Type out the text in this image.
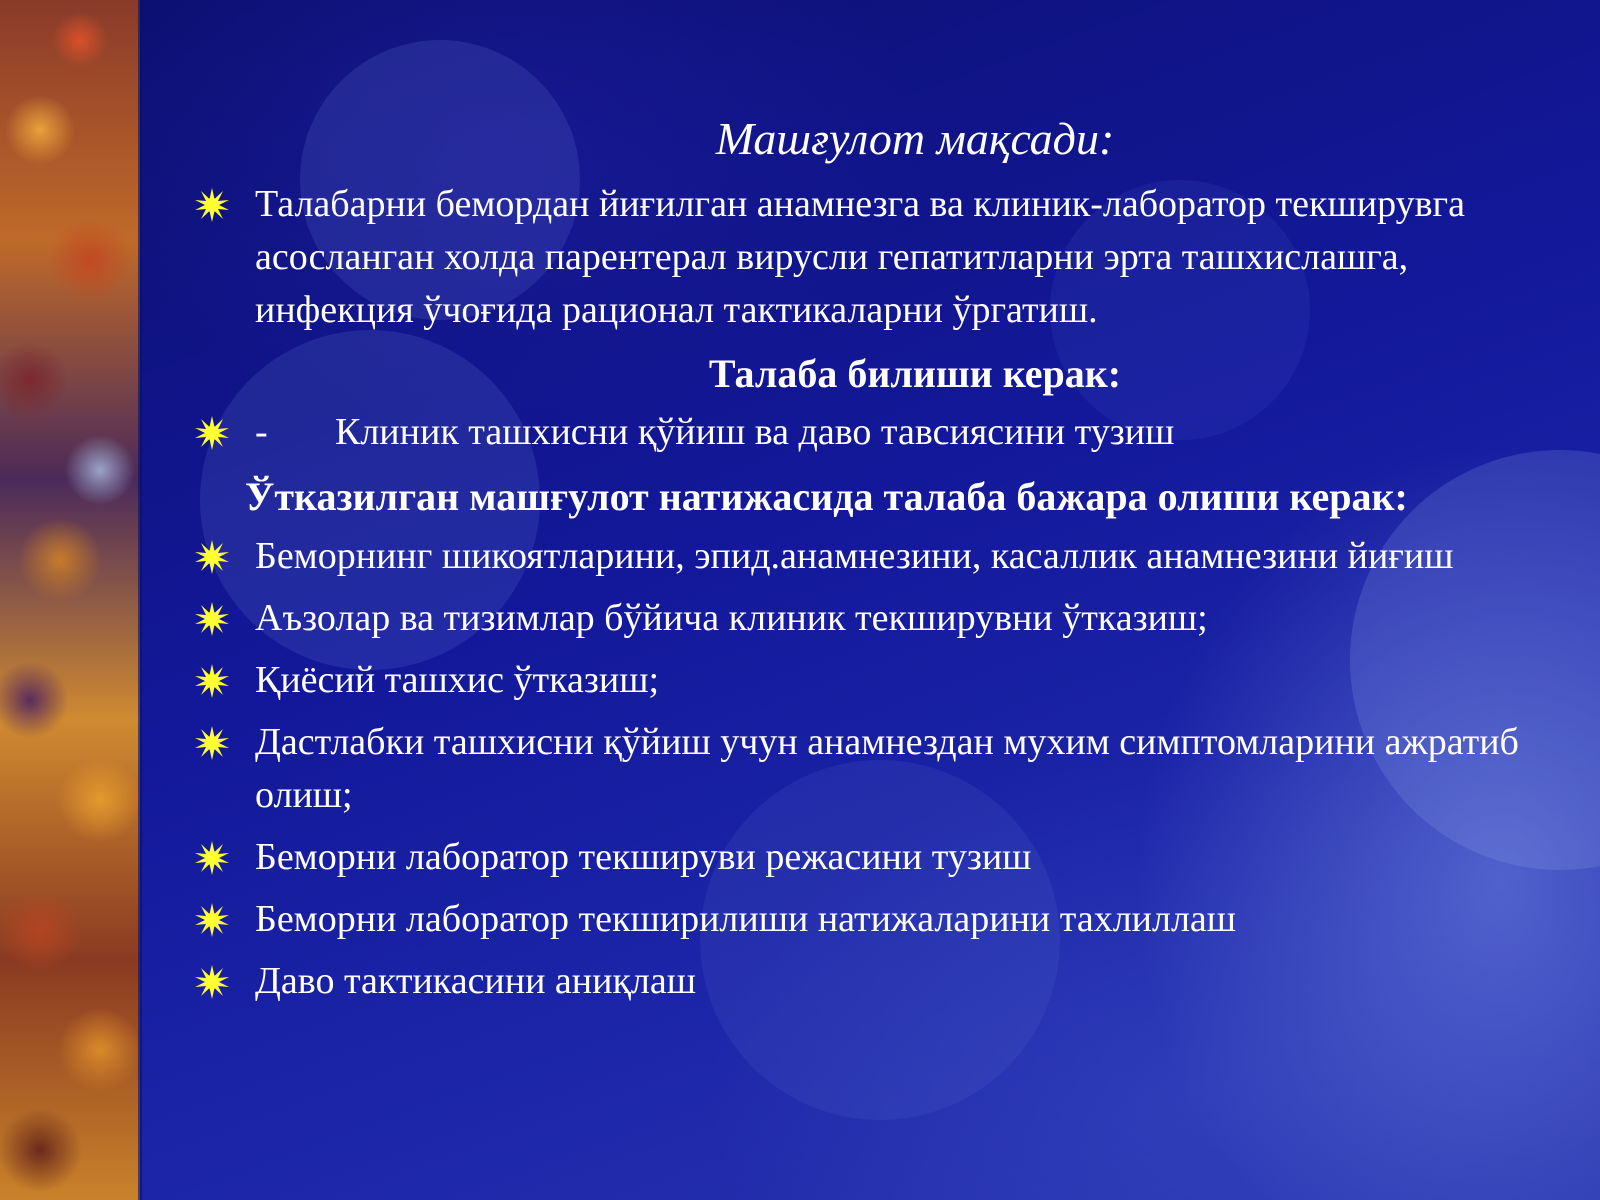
Машғулот мақсади:
Талабарни бемордан йиғилган анамнезга ва клиник-лаборатор текширувга асосланган холда парентерал вирусли гепатитларни эрта ташхислашга, инфекция ўчоғида рационал тактикаларни ўргатиш.
Талаба билиши керак:
- Клиник ташхисни қўйиш ва даво тавсиясини тузиш
Ўтказилган машғулот натижасида талаба бажара олиши керак:
Беморнинг шикоятларини, эпид.анамнезини, касаллик анамнезини йиғиш
Аъзолар ва тизимлар бўйича клиник текширувни ўтказиш;
Қиёсий ташхис ўтказиш;
Дастлабки ташхисни қўйиш учун анамнездан мухим симптомларини ажратиб олиш;
Беморни лаборатор текшируви режасини тузиш
Беморни лаборатор текширилиши натижаларини тахлиллаш
Даво тактикасини аниқлаш
